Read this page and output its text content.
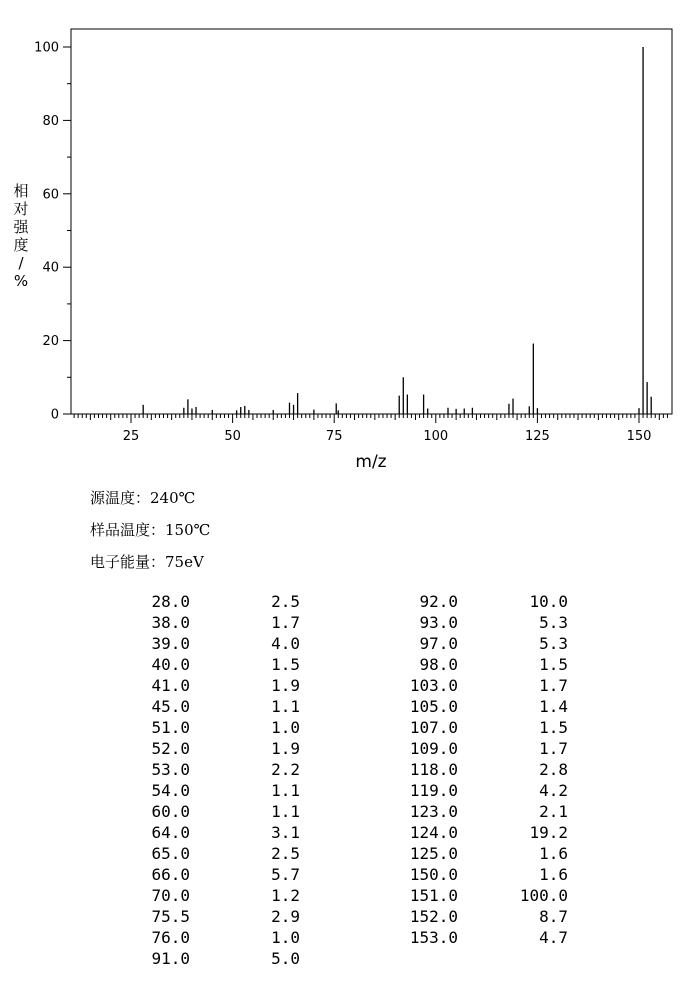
25	50	75	100	125	150
0
20
40
60
80
100
m/z
相对强度/ %
源温度：240℃
样品温度：150℃
电子能量：75eV
28.0	2.5	92.0	10.0
38.0	1.7	93.0	5.3
39.0	4.0	97.0	5.3
40.0	1.5	98.0	1.5
41.0	1.9	103.0	1.7
45.0	1.1	105.0	1.4
51.0	1.0	107.0	1.5
52.0	1.9	109.0	1.7
53.0	2.2	118.0	2.8
54.0	1.1	119.0	4.2
60.0	1.1	123.0	2.1
64.0	3.1	124.0	19.2
65.0	2.5	125.0	1.6
66.0	5.7	150.0	1.6
70.0	1.2	151.0	100.0
75.5	2.9	152.0	8.7
76.0	1.0	153.0	4.7
91.0	5.0
